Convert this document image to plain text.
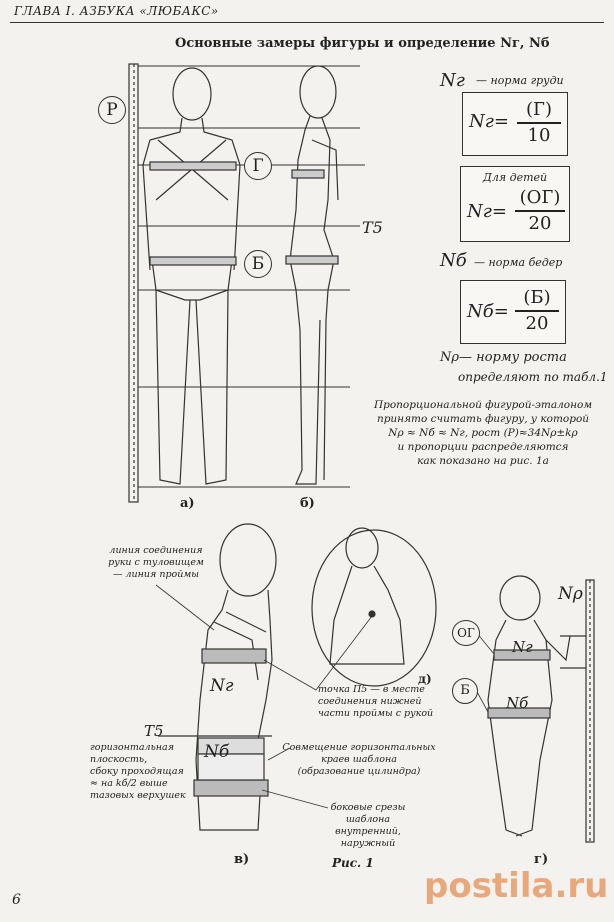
ГЛАВА I. АЗБУКА «ЛЮБАКС»
Основные замеры фигуры и определение Nг, Nб
Р
Г
Б
T5
Nг — норма груди
Nг=
(Г)
10
Для детей
Nг=
(ОГ)
20
Nб — норма бедер
Nб=
(Б)
20
Nρ— норму роста
определяют по табл.1
Пропорциональной фигурой-эталоном
принято считать фигуру, у которой
Nρ ≈ Nб ≈ Nг, рост (Р)≈34Nρ±kρ
и пропорции распределяются
как показано на рис. 1а
а)	б)
в)	г)
д)
Рис. 1
линия соединения
руки с туловищем
— линия проймы
Nг
Nб
точка П5 — в месте
соединения нижней
части проймы с рукой
T5
горизонтальная
плоскость,
сбоку проходящая
≈ на kб/2 выше
тазовых верхушек
Совмещение горизонтальных
краев шаблона
(образование цилиндра)
боковые срезы
шаблона
внутренний,
наружный
Nρ
ОГ
Б
Nг
Nб
6	postila.ru
